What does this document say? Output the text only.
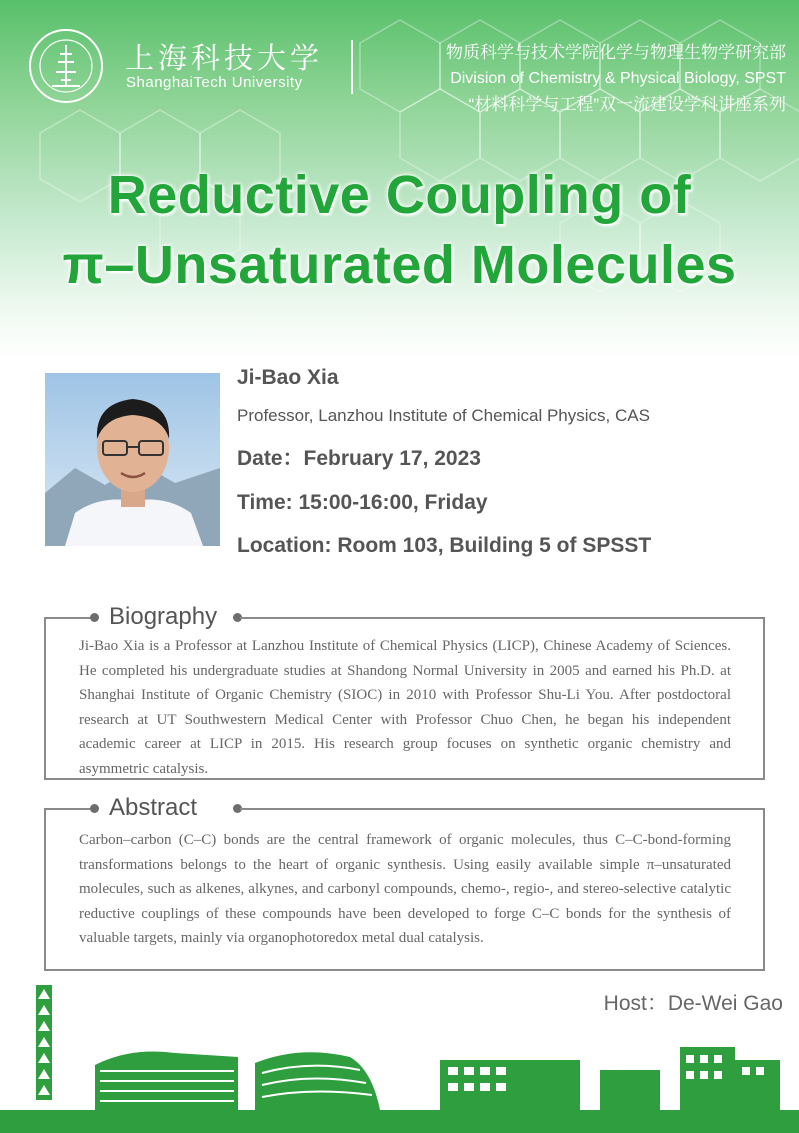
上海科技大学
ShanghaiTech University
物质科学与技术学院化学与物理生物学研究部
Division of Chemistry & Physical Biology, SPST
“材料科学与工程”双一流建设学科讲座系列
Reductive Coupling of
π–Unsaturated Molecules
Ji-Bao Xia
Professor, Lanzhou Institute of Chemical Physics, CAS
Date：February 17, 2023
Time: 15:00-16:00, Friday
Location: Room 103, Building 5 of SPSST
Biography
Ji-Bao Xia is a Professor at Lanzhou Institute of Chemical Physics (LICP), Chinese Academy of Sciences. He completed his undergraduate studies at Shandong Normal University in 2005 and earned his Ph.D. at Shanghai Institute of Organic Chemistry (SIOC) in 2010 with Professor Shu-Li You. After postdoctoral research at UT Southwestern Medical Center with Professor Chuo Chen, he began his independent academic career at LICP in 2015. His research group focuses on synthetic organic chemistry and asymmetric catalysis.
Abstract
Carbon–carbon (C–C) bonds are the central framework of organic molecules, thus C–C-bond-forming transformations belongs to the heart of organic synthesis. Using easily available simple π–unsaturated molecules, such as alkenes, alkynes, and carbonyl compounds, chemo-, regio-, and stereo-selective catalytic reductive couplings of these compounds have been developed to forge C–C bonds for the synthesis of valuable targets, mainly via organophotoredox metal dual catalysis.
Host：De-Wei Gao
